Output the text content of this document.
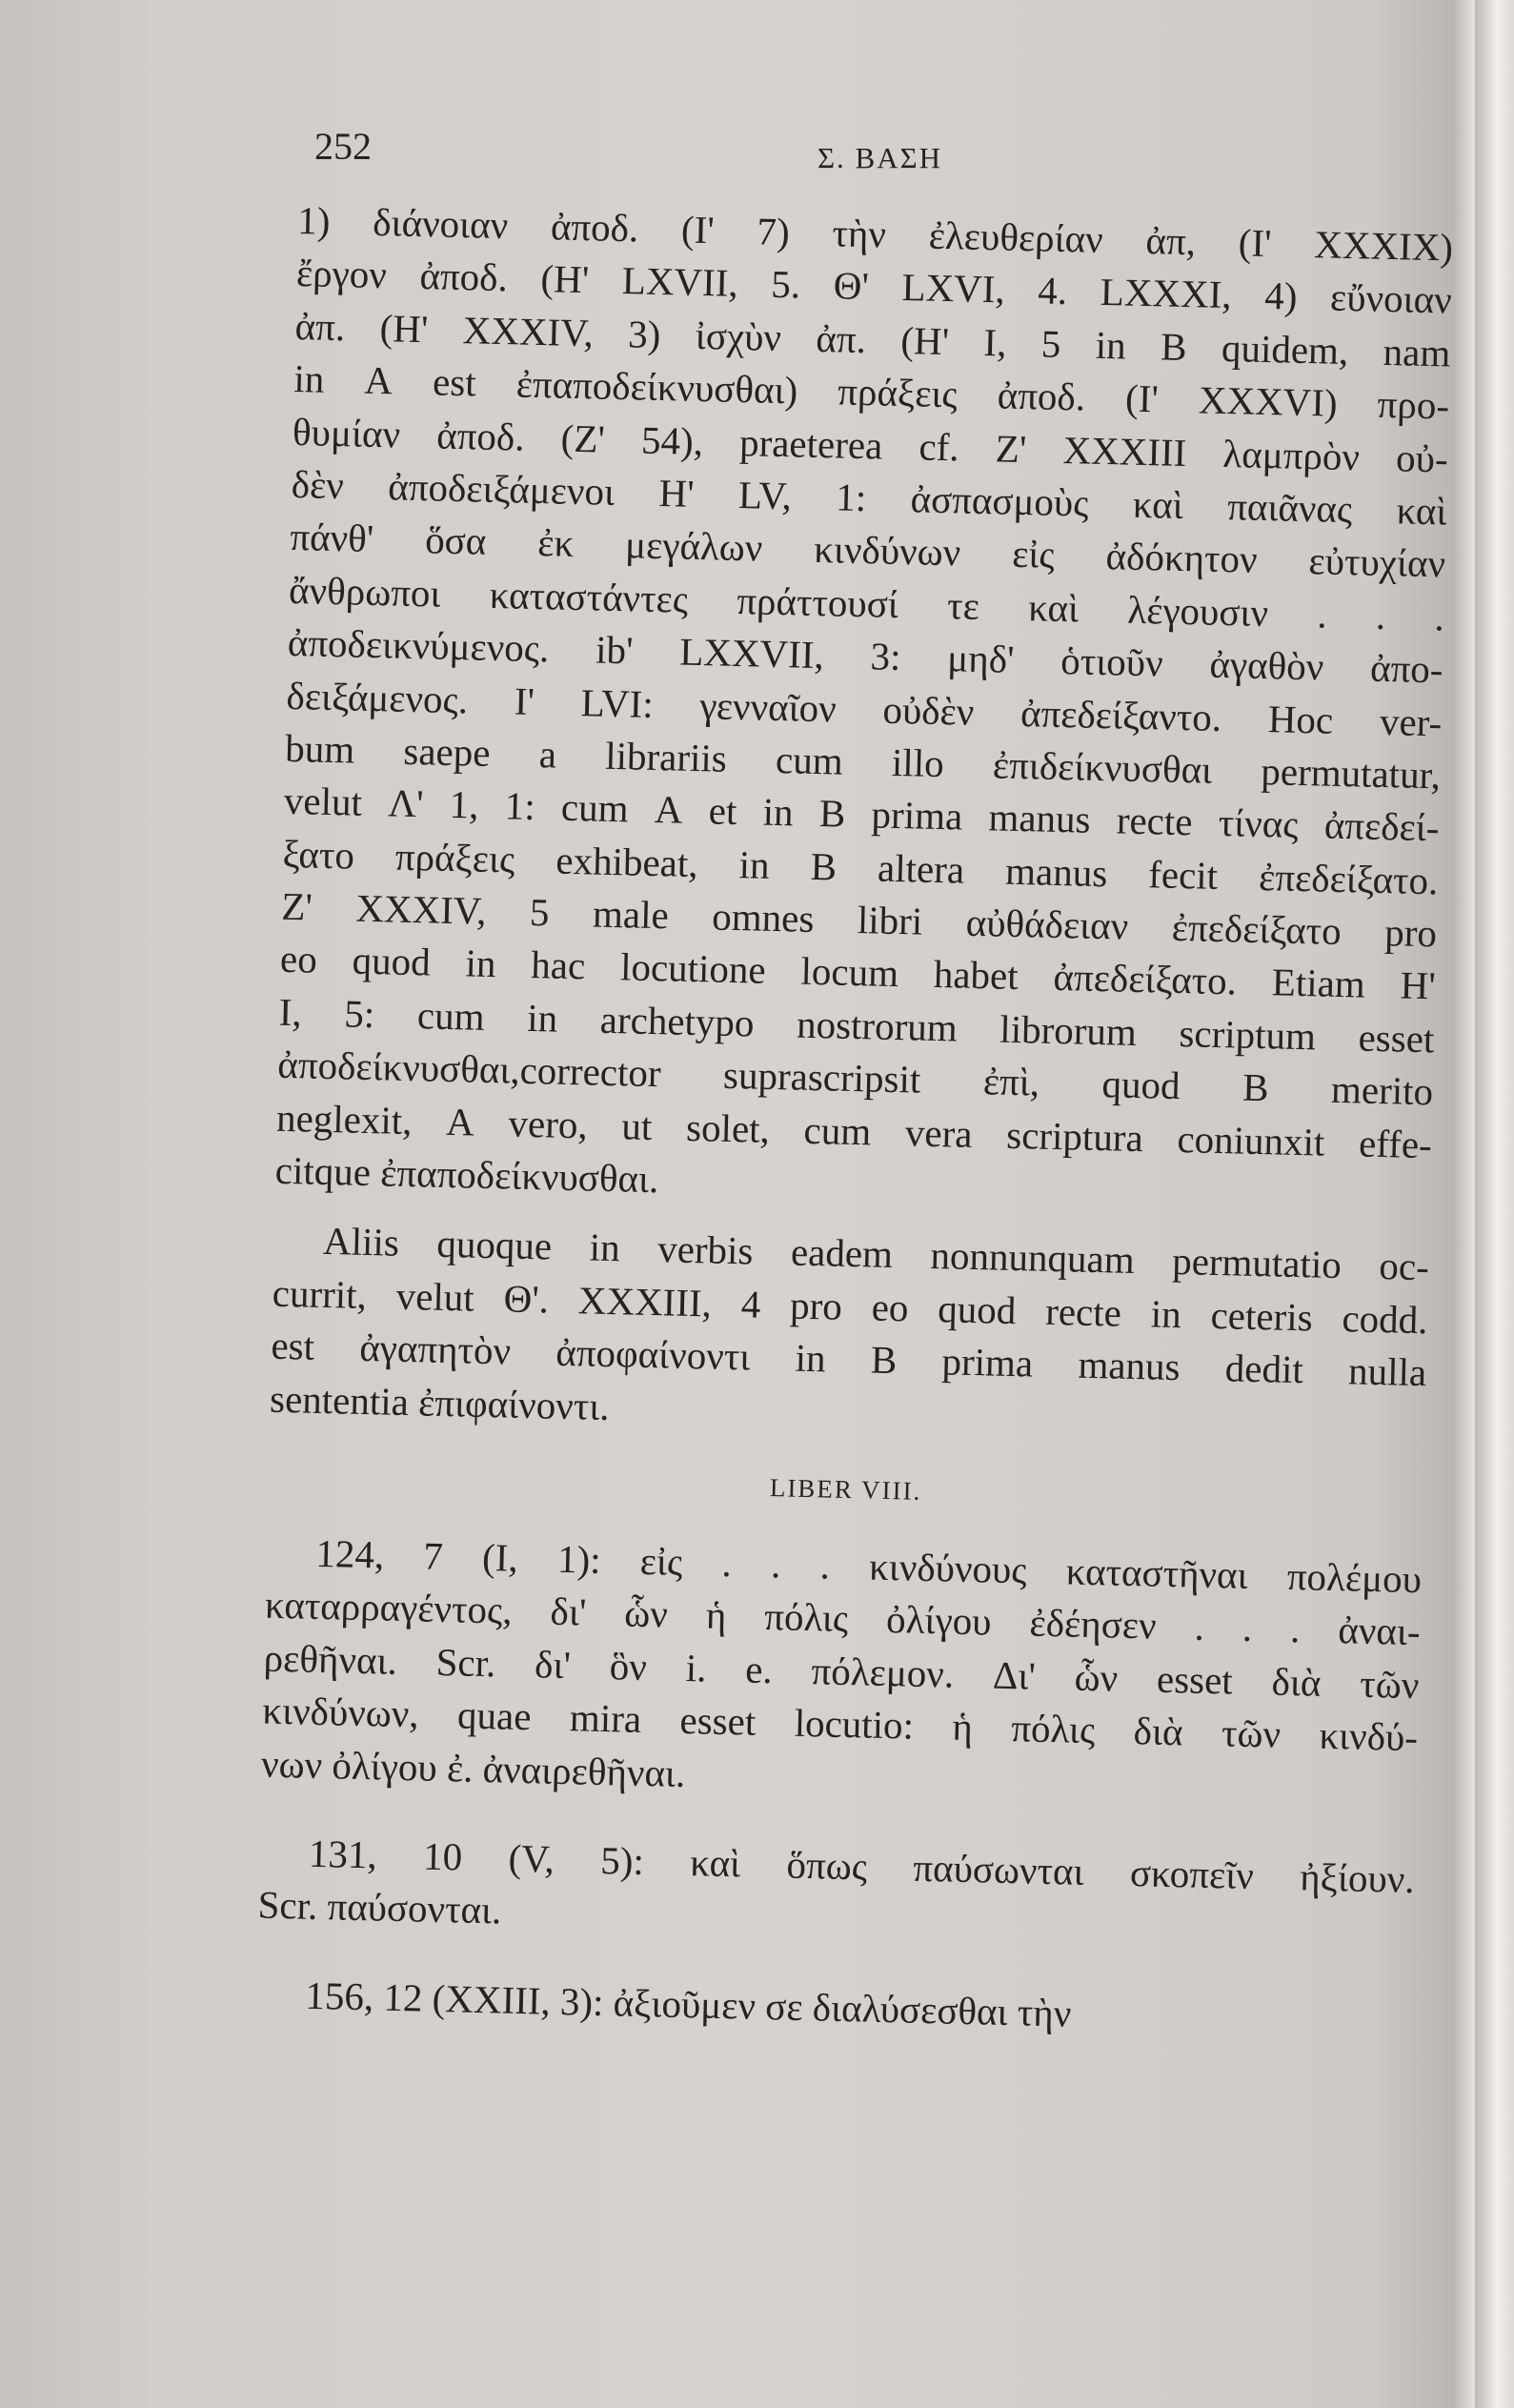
252	Σ. ΒΑΣΗ
1) διάνοιαν ἀποδ. (Ι' 7) τὴν ἐλευθερίαν ἀπ, (Ι' XXXIX)
ἔργον ἀποδ. (Η' LXVII, 5. Θ' LXVI, 4. LXXXI, 4) εὔνοιαν
ἀπ. (Η' XXXIV, 3) ἰσχὺν ἀπ. (Η' I, 5 in B quidem, nam
in A est ἐπαποδείκνυσθαι) πράξεις ἀποδ. (Ι' XXXVI) προ-
θυμίαν ἀποδ. (Ζ' 54), praeterea cf. Ζ' XXXIII λαμπρὸν οὐ-
δὲν ἀποδειξάμενοι Η' LV, 1: ἀσπασμοὺς καὶ παιᾶνας καὶ
πάνθ' ὅσα ἐκ μεγάλων κινδύνων εἰς ἀδόκητον εὐτυχίαν
ἄνθρωποι καταστάντες πράττουσί τε καὶ λέγουσιν . . .
ἀποδεικνύμενος. ib' LXXVII, 3: μηδ' ὁτιοῦν ἀγαθὸν ἀπο-
δειξάμενος. Ι' LVI: γενναῖον οὐδὲν ἀπεδείξαντο. Hoc ver-
bum saepe a librariis cum illo ἐπιδείκνυσθαι permutatur,
velut Λ' 1, 1: cum A et in B prima manus recte τίνας ἀπεδεί-
ξατο πράξεις exhibeat, in B altera manus fecit ἐπεδείξατο.
Ζ' XXXIV, 5 male omnes libri αὐθάδειαν ἐπεδείξατο pro
eo quod in hac locutione locum habet ἀπεδείξατο. Etiam Η'
I, 5: cum in archetypo nostrorum librorum scriptum esset
ἀποδείκνυσθαι,corrector suprascripsit ἐπὶ, quod B merito
neglexit, A vero, ut solet, cum vera scriptura coniunxit effe-
citque ἐπαποδείκνυσθαι.
Aliis quoque in verbis eadem nonnunquam permutatio oc-
currit, velut Θ'. XXXIII, 4 pro eo quod recte in ceteris codd.
est ἀγαπητὸν ἀποφαίνοντι in B prima manus dedit nulla
sententia ἐπιφαίνοντι.
LIBER VIII.
124, 7 (I, 1): εἰς . . . κινδύνους καταστῆναι πολέμου
καταρραγέντος, δι' ὧν ἡ πόλις ὀλίγου ἐδέησεν . . . ἀναι-
ρεθῆναι. Scr. δι' ὃν i. e. πόλεμον. Δι' ὧν esset διὰ τῶν
κινδύνων, quae mira esset locutio: ἡ πόλις διὰ τῶν κινδύ-
νων ὀλίγου ἐ. ἀναιρεθῆναι.
131, 10 (V, 5): καὶ ὅπως παύσωνται σκοπεῖν ἠξίουν.
Scr. παύσονται.
156, 12 (XXIII, 3): ἀξιοῦμεν σε διαλύσεσθαι τὴν
